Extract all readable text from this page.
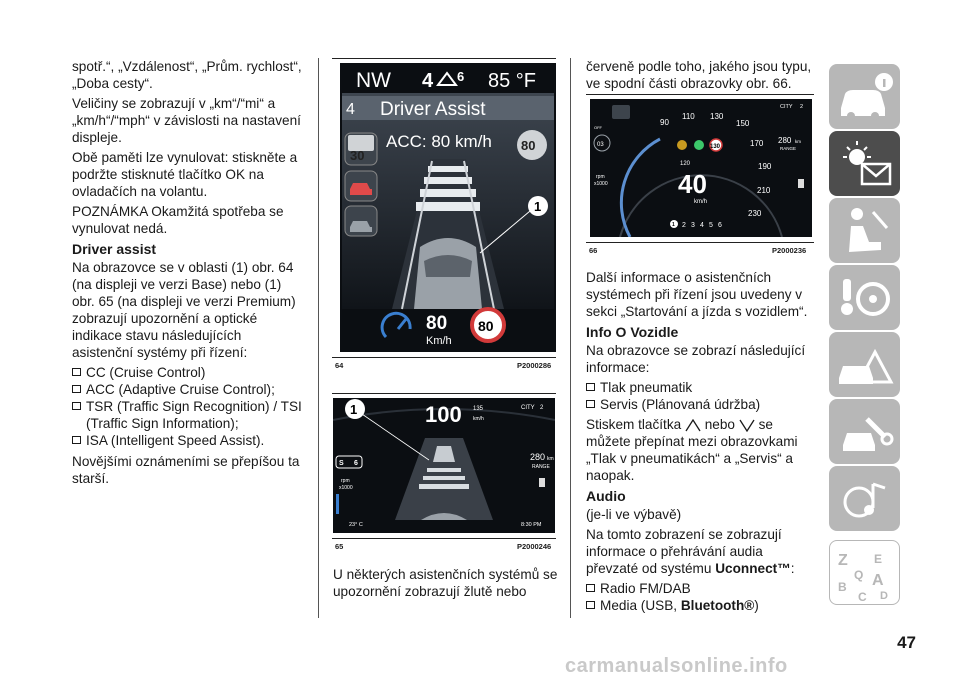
spotř.“, „Vzdálenost“, „Prům. rychlost“, „Doba cesty“.

Veličiny se zobrazují v „km“/“mi“ a „km/h“/“mph“ v závislosti na nastavení displeje.

Obě paměti lze vynulovat: stiskněte a podržte stisknuté tlačítko OK na ovladačích na volantu.

POZNÁMKA Okamžitá spotřeba se vynulovat nedá.

Driver assist

Na obrazovce se v oblasti (1) obr. 64 (na displeji ve verzi Base) nebo (1) obr. 65 (na displeji ve verzi Premium) zobrazují upozornění a optické indikace stavu následujících asistenční systémy při řízení:

CC (Cruise Control)
ACC (Adaptive Cruise Control);
TSR (Traffic Sign Recognition) / TSI (Traffic Sign Information);
ISA (Intelligent Speed Assist).

Novějšími oznámeními se přepíšou ta starší.

NW 4 6 85 °F
4 Driver Assist
ACC: 80 km/h
30
80
1
80
Km/h
80
64	P2000286
100 135
km/h
CITY 2
S 6
rpm
x1000
280 km
RANGE
1
23° C	8:30 PM
65	P2000246

U některých asistenčních systémů se upozornění zobrazují žlutě nebo

červeně podle toho, jakého jsou typu, ve spodní části obrazovky obr. 66.

110 130
150
170
190
210
230
90
130
120
40
km/h
1 2 3 4 5 6
CITY 2
280 km
RANGE
OFF
03
rpm
x1000
66	P2000236

Další informace o asistenčních systémech při řízení jsou uvedeny v sekci „Startování a jízda s vozidlem“.

Info O Vozidle

Na obrazovce se zobrazí následující informace:

Tlak pneumatik
Servis (Plánovaná údržba)

Stiskem tlačítka nebo se můžete přepínat mezi obrazovkami „Tlak v pneumatikách“ a „Servis“ a naopak.

Audio

(je-li ve výbavě)

Na tomto zobrazení se zobrazují informace o přehrávání audia převzaté od systému Uconnect™:

Radio FM/DAB
Media (USB, Bluetooth®)
Z E
Q A
B
C D
47
carmanualsonline.info
